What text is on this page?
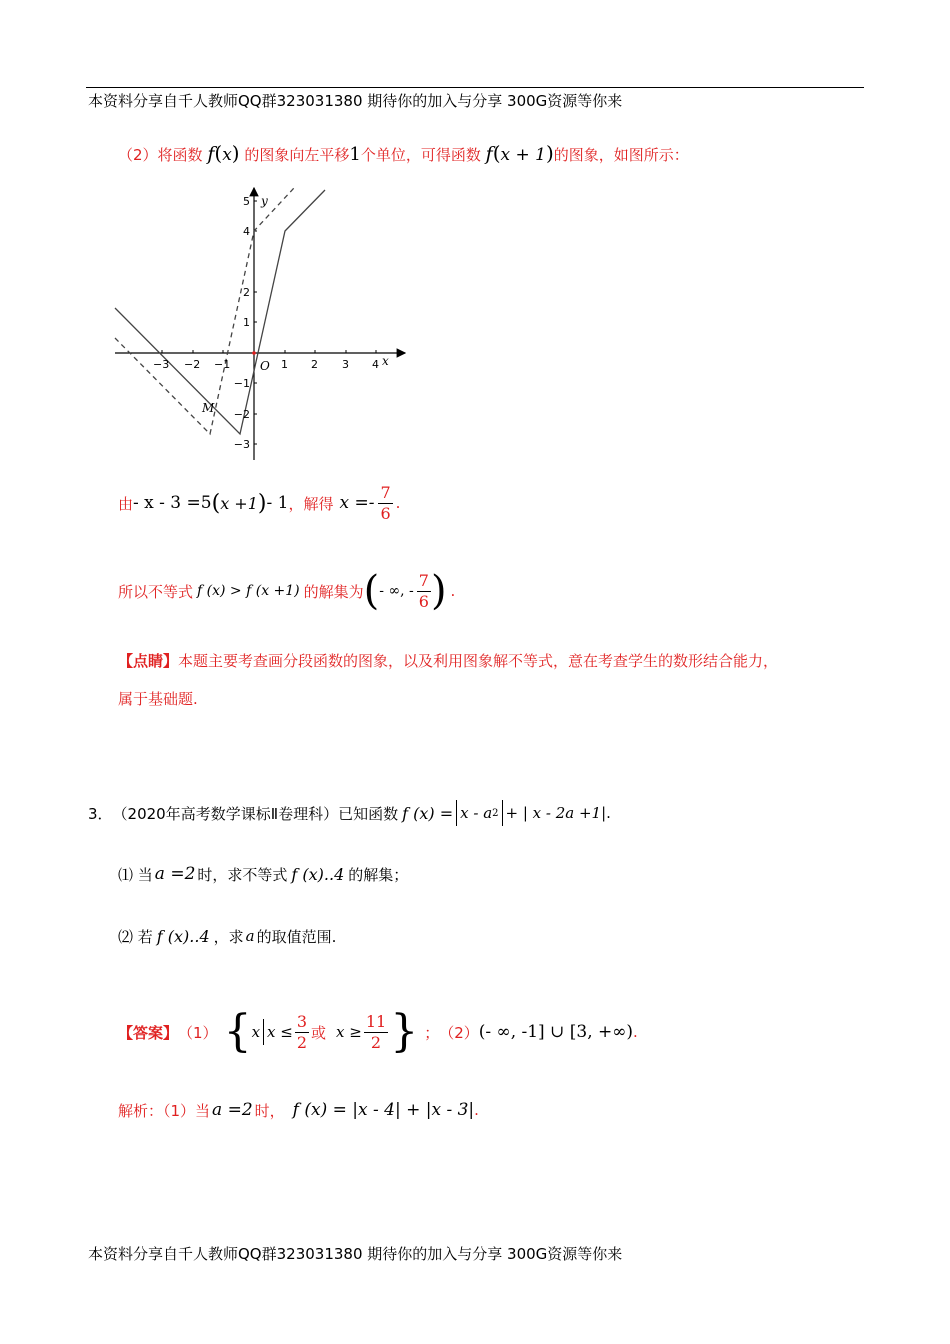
本资料分享自千人教师QQ群323031380 期待你的加入与分享 300G资源等你来
（2）将函数 f(x) 的图象向左平移1个单位，可得函数 f(x + 1)的图象，如图所示：
x
y
O
M
−3 −2 −1	1 2 3 4
5
4
2
1
−1
−2
−3
由 - x - 3 =5 ( x +1 ) - 1 ，解得 $x =- \frac{7}{6}$ .
所以不等式 f (x) > f (x +1) 的解集为 ( - ∞, - $\frac{7}{6}$ ) .
【点睛】本题主要考查画分段函数的图象，以及利用图象解不等式，意在考查学生的数形结合能力，
属于基础题.
3． （2020年高考数学课标Ⅱ卷理科）已知函数 f (x) = x - a 2 + | x - 2a +1| .
⑴ 当 a =2 时，求不等式 f (x)..4 的解集；
⑵ 若 f (x)..4 ，求 a 的取值范围.
【答案】 （1） { x $x \le \frac{3}{2}$ 或 $x \ge \frac{11}{2}$ } ； （2） (- ∞, -1] ∪ [3, +∞) .
解析：（1）当 a =2 时， f (x) = |x - 4| + |x - 3| .
本资料分享自千人教师QQ群323031380 期待你的加入与分享 300G资源等你来
